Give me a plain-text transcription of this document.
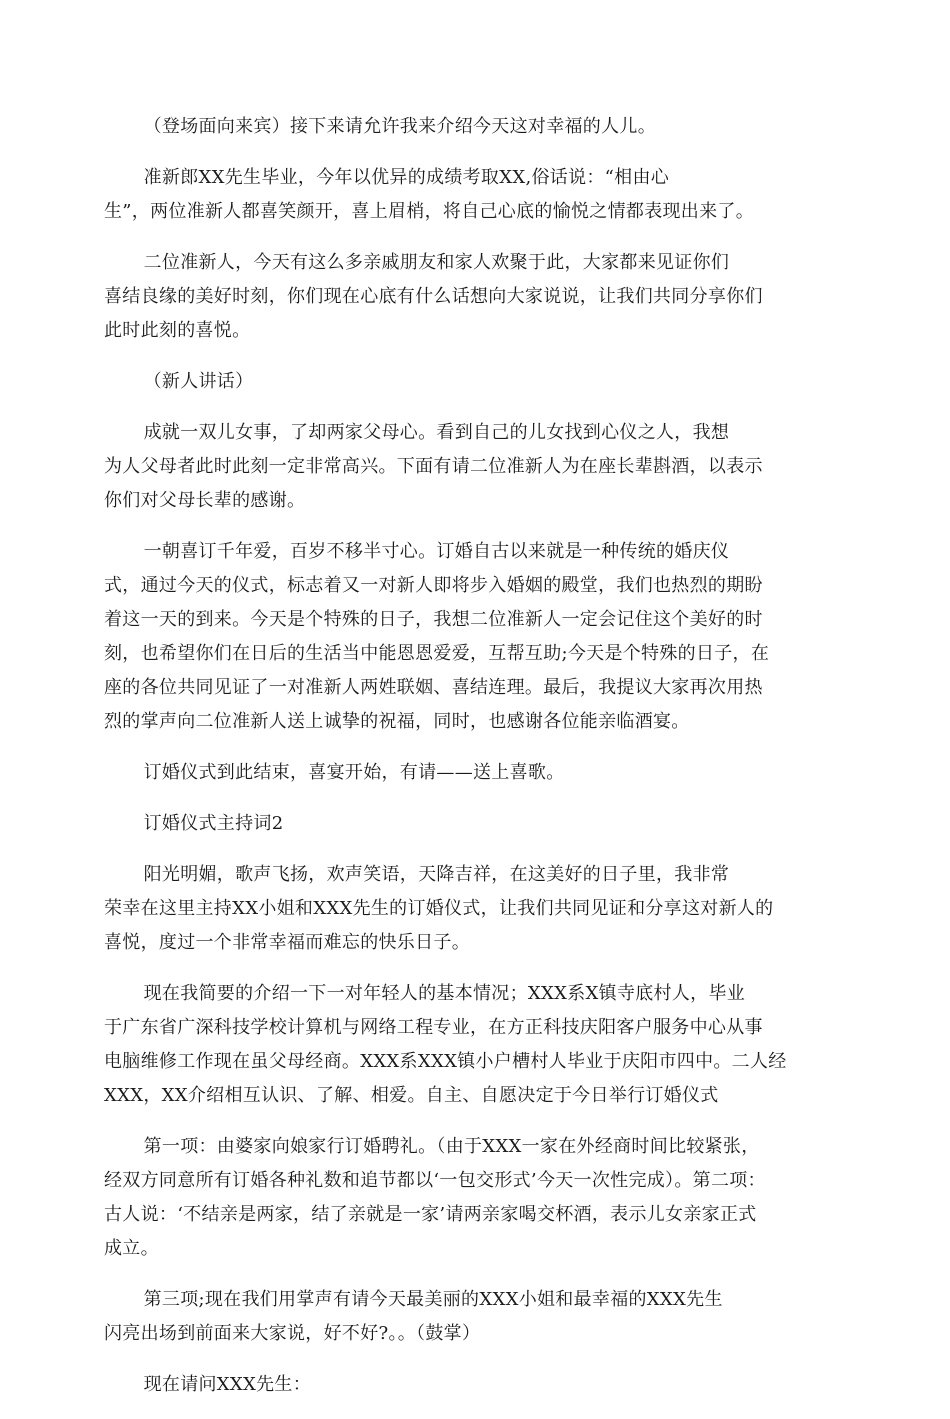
（登场面向来宾）接下来请允许我来介绍今天这对幸福的人儿。

准新郎XX先生毕业，今年以优异的成绩考取XX,俗话说：“相由心
生”，两位准新人都喜笑颜开，喜上眉梢，将自己心底的愉悦之情都表现出来了。

二位准新人，今天有这么多亲戚朋友和家人欢聚于此，大家都来见证你们
喜结良缘的美好时刻，你们现在心底有什么话想向大家说说，让我们共同分享你们
此时此刻的喜悦。

（新人讲话）

成就一双儿女事，了却两家父母心。看到自己的儿女找到心仪之人，我想
为人父母者此时此刻一定非常高兴。下面有请二位准新人为在座长辈斟酒，以表示
你们对父母长辈的感谢。

一朝喜订千年爱，百岁不移半寸心。订婚自古以来就是一种传统的婚庆仪
式，通过今天的仪式，标志着又一对新人即将步入婚姻的殿堂，我们也热烈的期盼
着这一天的到来。今天是个特殊的日子，我想二位准新人一定会记住这个美好的时
刻，也希望你们在日后的生活当中能恩恩爱爱，互帮互助;今天是个特殊的日子，在
座的各位共同见证了一对准新人两姓联姻、喜结连理。最后，我提议大家再次用热
烈的掌声向二位准新人送上诚挚的祝福，同时，也感谢各位能亲临酒宴。

订婚仪式到此结束，喜宴开始，有请——送上喜歌。

订婚仪式主持词2

阳光明媚，歌声飞扬，欢声笑语，天降吉祥，在这美好的日子里，我非常
荣幸在这里主持XX小姐和XXX先生的订婚仪式，让我们共同见证和分享这对新人的
喜悦，度过一个非常幸福而难忘的快乐日子。

现在我简要的介绍一下一对年轻人的基本情况；XXX系X镇寺底村人，毕业
于广东省广深科技学校计算机与网络工程专业，在方正科技庆阳客户服务中心从事
电脑维修工作现在虽父母经商。XXX系XXX镇小户槽村人毕业于庆阳市四中。二人经
XXX，XX介绍相互认识、了解、相爱。自主、自愿决定于今日举行订婚仪式

第一项：由婆家向娘家行订婚聘礼。（由于XXX一家在外经商时间比较紧张，
经双方同意所有订婚各种礼数和追节都以‘一包交形式’今天一次性完成）。第二项：
古人说：‘不结亲是两家，结了亲就是一家’请两亲家喝交杯酒，表示儿女亲家正式
成立。

第三项;现在我们用掌声有请今天最美丽的XXX小姐和最幸福的XXX先生
闪亮出场到前面来大家说，好不好?。。（鼓掌）

现在请问XXX先生：
